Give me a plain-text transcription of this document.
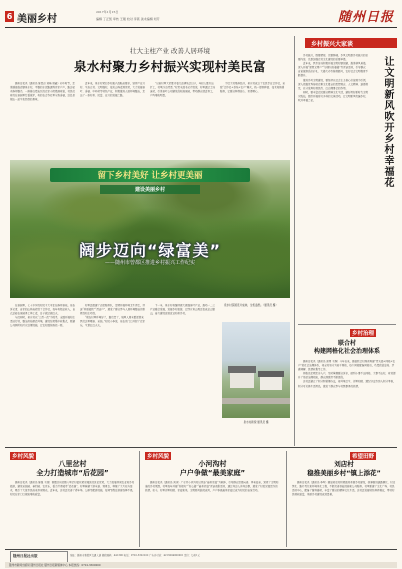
6 美丽乡村
2017年1月15日
编辑 丁正凯 审核 王刚 校对 李燕 美术编辑 刘芳	随州日报
壮大主柱产业 改善人居环境
泉水村聚力乡村振兴实现村美民富

随州日报讯（通讯员 陈思远 刘畅 周鑫）初冬时节，走进随县殷店镇泉水村，平整的水泥路通到家家户户，路边花木修剪整齐，一排排白墙灰瓦的农家小院错落有致，村民们有的在茶园里忙着管护，有的在合作社里分拣香菇，处处呈现出一派生机勃勃的景象。

近年来，泉水村紧扣乡村振兴战略总要求，坚持产业兴村、生态立村、文明强村，依托山场资源优势，大力发展茶叶、香菇、中药材等特色产业，积极推进人居环境整治，走出了一条村美、民富、业兴的发展之路。

“以前村里大家都守着几亩薄地过日子，年轻人都外出打工，村里冷冷清清。”村党支部书记介绍说，村里通过土地流转，引进茶叶公司建设高标准茶园，带动群众就近务工，户均增收明显。

为壮大村集体经济，泉水村成立了农民专业合作社，采取“合作社+基地+农户”模式，统一提供种苗、技术和销售服务，让群众种得放心、卖得顺心。

留下乡村美好 让乡村更美丽
建设美丽乡村
阔步迈向“绿富美”
——随州市曾都区推进乡村振兴工作纪实

在茶园里，七十多岁的村民王大爷正在修剪茶枝。他告诉记者，自家的山林流转给了合作社，每年有租金收入，自己还能在茶园务工挣工资，日子越过越红火。

与此同时，泉水村以“三清一改”为抓手，全面开展村庄清洁行动，整治房前屋后环境，建设垃圾集中收集点，新建公共厕所和污水处理设施，让农村面貌焕然一新。

村里还组建了志愿服务队，定期开展环境卫生评比，评选“美丽庭院”“清洁户”，激发了群众参与人居环境整治的积极性和主动性。

“现在村里环境好了，路也宽了，城里人周末都愿意来我们这里喝茶、采摘。”村民小李说，他在家门口开起了农家乐，生意红红火火。

下一步，泉水村将继续做大做强茶叶产业，推动一二三产业融合发展，发展乡村旅游，让绿水青山真正变成金山银山，奋力建设宜居宜业和美乡村。

泉水村茶园连片成林，生机盎然。（通讯员 摄）
泉水村新貌 通讯员 摄
乡村振兴大家谈

乡村振兴，既要塑形，也要铸魂。乡风文明是乡村振兴的重要内容，也是加强农村文化建设的重要举措。

近年来，我市各地积极开展文明村镇创建，推进移风易俗，深入开展“星级文明户”“好媳妇好婆婆”等评选活动，引导群众自觉抵制高价彩礼、大操大办等陈规陋习，农村社会文明程度不断提升。

推进乡风文明建设，要坚持以社会主义核心价值观为引领，深入挖掘优秀传统农耕文化蕴含的思想观念、人文精神、道德规范，充分发挥村规民约、红白理事会的作用。

同时，要丰富农民群众精神文化生活，建好用好新时代文明实践站，组织开展形式多样的文体活动，让文明新风吹遍乡村，吹开幸福之花。	让文明新风吹开乡村幸福花
乡村治理
联合村
构建网格化社会治理体系

随州日报讯（通讯员 张明 王静）今年以来，随县联合村探索构建“党支部+网格+农户”的社会治理体系，将全村划分为若干网格，每个网格配备网格员，负责政策宣传、矛盾调解、民情收集等工作。

网格员定期走访入户，及时掌握群众诉求，做到小事不出网格、大事不出村，有效提升了基层治理效能，群众满意度不断提高。

该村还建立了积分制管理办法，将环境卫生、邻里和睦、遵纪守法等纳入积分考核，积分可兑换生活用品，激发了群众参与村级事务的热情。

乡村风貌
八里岔村
全力打造城市“后花园”

随州日报讯（通讯员 陈强 王丽）曾都区何店镇八里岔村依托紧邻城区的区位优势，大力发展休闲农业和乡村旅游，建设采摘园、垂钓园、农家乐，着力打造城市“后花园”。村里修建了游步道、观景台，种植了大片花卉苗木，吸引了大批市民前来休闲观光。近年来，该村还完善了停车场、公厕等配套设施，每逢节假日游客络绎不绝，村民在家门口就能增收致富。

乡村风貌
小河沟村
户户争做“最美家庭”

随州日报讯（通讯员 刘洋）广水市小河沟村以评选“最美家庭”为载体，引导群众崇德向善、孝老爱亲，营造了文明和谐的乡村氛围。村里每年开展“好媳妇”“好公婆”“最美家庭”评选表彰活动，通过身边人讲身边事，激发了村民见贤思齐的热情。如今，村里邻里和睦、家庭和美，文明新风蔚然成风，户户争做最美家庭已成为村民的自觉行动。

希望田野
刘店村
稳推美丽乡村“镇上添花”

随州日报讯（通讯员 李军）随县刘店村积极推进美丽乡村建设，统筹推进道路硬化、村庄绿化、路灯亮化和环境美化工程，不断完善基础设施和公共服务。村里新建了文化广场、村民活动中心，配备了健身器材，丰富了群众的精神文化生活。该村还发展特色种养殖业，带动村民增收致富，美丽乡村建设成效显著。

随州日报社出版	地址：随州市曾都区交通大道 邮政编码：441300 电话：0722-3322222 广告许可证：4213004000001 定价：每份1元
随州市新闻出版局 随州日报社 随州日报新媒体中心 本报热线：0722-3500000
